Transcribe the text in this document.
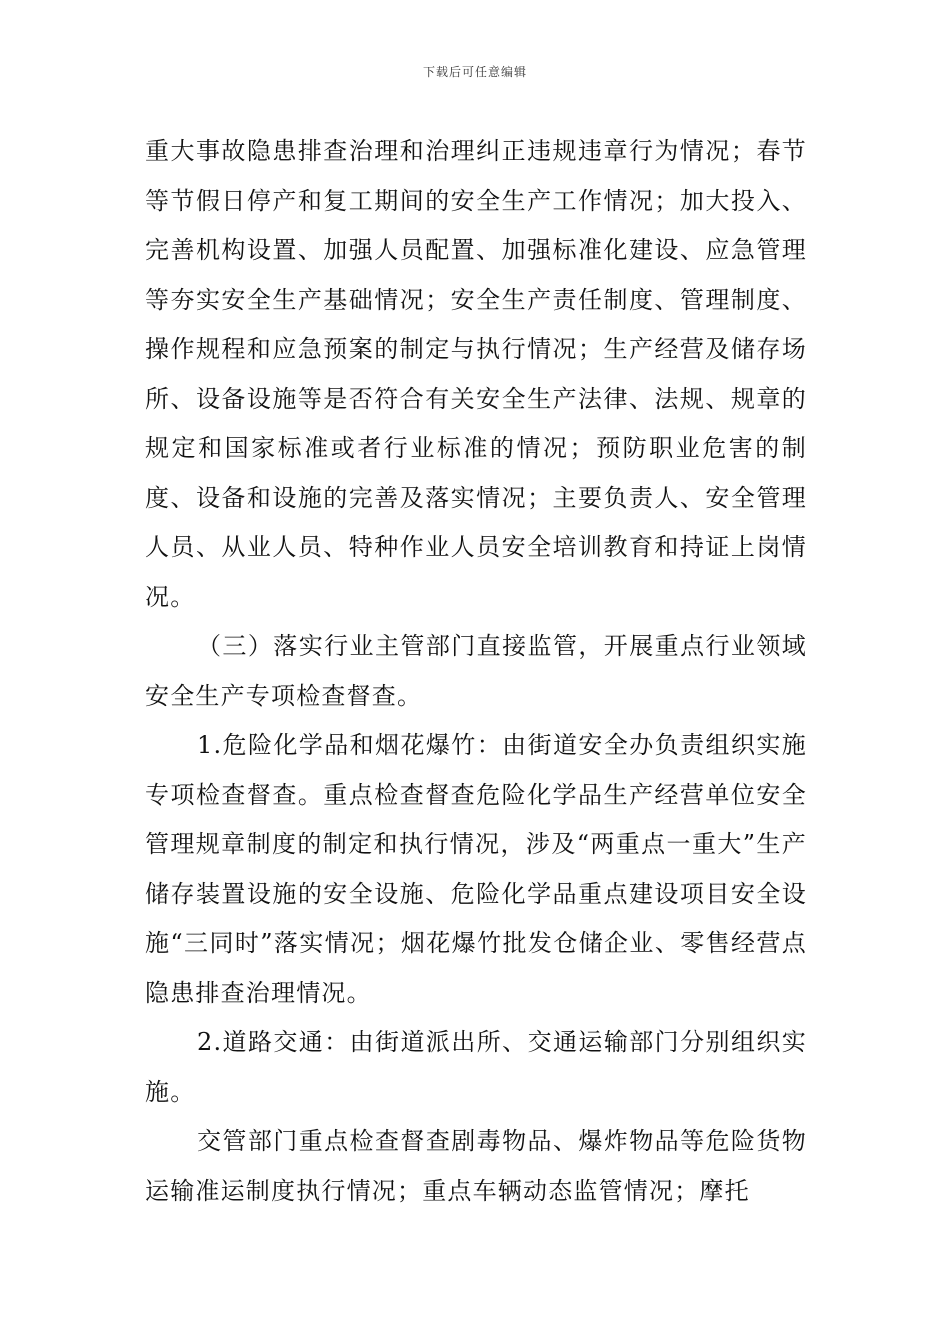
下载后可任意编辑

重大事故隐患排查治理和治理纠正违规违章行为情况；春节等节假日停产和复工期间的安全生产工作情况；加大投入、完善机构设置、加强人员配置、加强标准化建设、应急管理等夯实安全生产基础情况；安全生产责任制度、管理制度、操作规程和应急预案的制定与执行情况；生产经营及储存场所、设备设施等是否符合有关安全生产法律、法规、规章的规定和国家标准或者行业标准的情况；预防职业危害的制度、设备和设施的完善及落实情况；主要负责人、安全管理人员、从业人员、特种作业人员安全培训教育和持证上岗情况。

（三）落实行业主管部门直接监管，开展重点行业领域安全生产专项检查督查。

1.危险化学品和烟花爆竹：由街道安全办负责组织实施专项检查督查。重点检查督查危险化学品生产经营单位安全管理规章制度的制定和执行情况，涉及“两重点一重大”生产储存装置设施的安全设施、危险化学品重点建设项目安全设施“三同时”落实情况；烟花爆竹批发仓储企业、零售经营点隐患排查治理情况。

2.道路交通：由街道派出所、交通运输部门分别组织实施。

交管部门重点检查督查剧毒物品、爆炸物品等危险货物运输准运制度执行情况；重点车辆动态监管情况；摩托
